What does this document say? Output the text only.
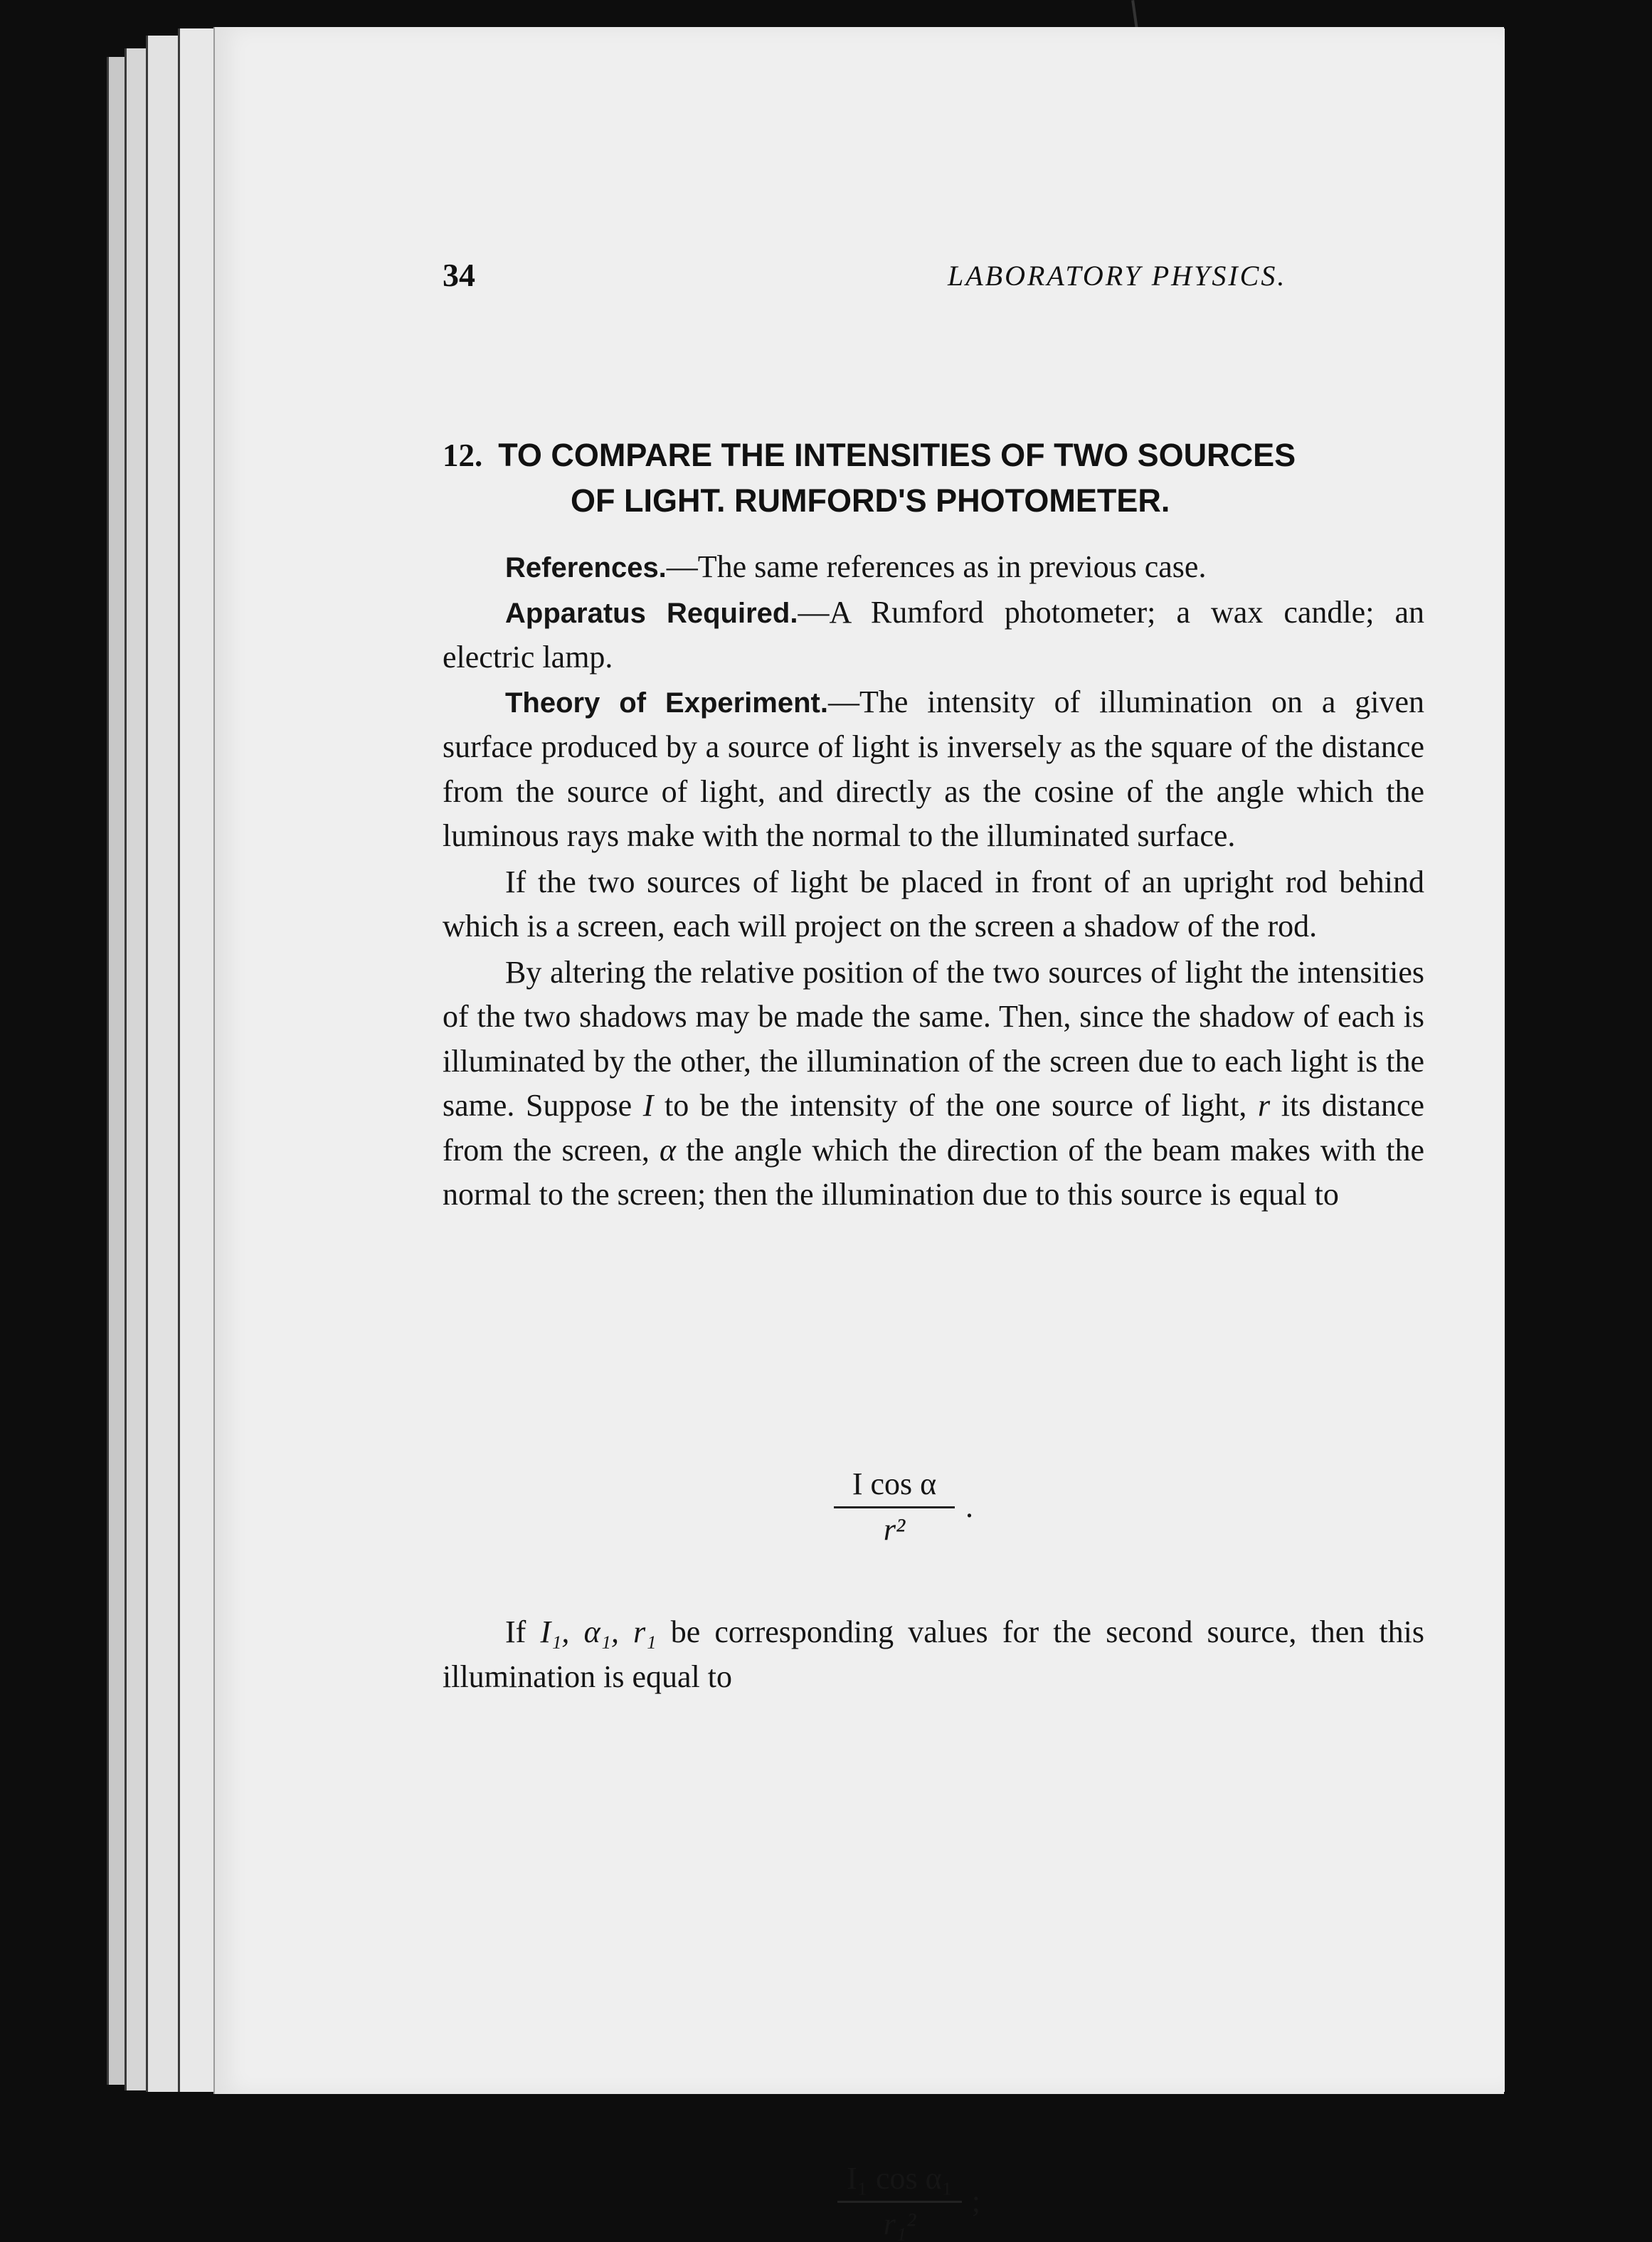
34	LABORATORY PHYSICS.
12. TO COMPARE THE INTENSITIES OF TWO SOURCES
OF LIGHT. RUMFORD'S PHOTOMETER.

References.—The same references as in previous case.

Apparatus Required.—A Rumford photometer; a wax candle; an electric lamp.

Theory of Experiment.—The intensity of illumination on a given surface produced by a source of light is inversely as the square of the distance from the source of light, and directly as the cosine of the angle which the luminous rays make with the normal to the illuminated surface.

If the two sources of light be placed in front of an upright rod behind which is a screen, each will project on the screen a shadow of the rod.

By altering the relative position of the two sources of light the intensities of the two shadows may be made the same. Then, since the shadow of each is illuminated by the other, the illumination of the screen due to each light is the same. Suppose I to be the intensity of the one source of light, r its distance from the screen, α the angle which the direction of the beam makes with the normal to the screen; then the illumination due to this source is equal to

I cos α
r²
.

If I₁, α₁, r₁ be corresponding values for the second source, then this illumination is equal to

I₁ cos α₁
r₁²
;
